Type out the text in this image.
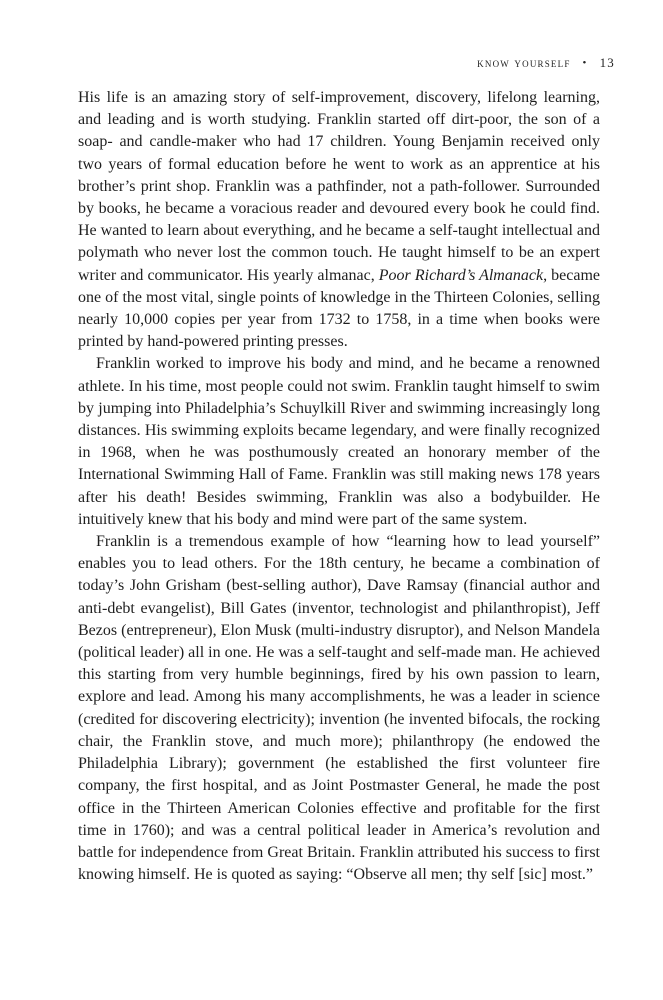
know yourself • 13

His life is an amazing story of self-improvement, discovery, lifelong learning, and leading and is worth studying. Franklin started off dirt-poor, the son of a soap- and candle-maker who had 17 children. Young Benjamin received only two years of formal education before he went to work as an apprentice at his brother’s print shop. Franklin was a pathfinder, not a path-follower. Surrounded by books, he became a voracious reader and devoured every book he could find. He wanted to learn about everything, and he became a self-taught intellectual and polymath who never lost the common touch. He taught himself to be an expert writer and communicator. His yearly almanac, Poor Richard’s Almanack, became one of the most vital, single points of knowledge in the Thirteen Colonies, selling nearly 10,000 copies per year from 1732 to 1758, in a time when books were printed by hand-powered printing presses.

Franklin worked to improve his body and mind, and he became a renowned athlete. In his time, most people could not swim. Franklin taught himself to swim by jumping into Philadelphia’s Schuylkill River and swimming increasingly long distances. His swimming exploits became legendary, and were finally recognized in 1968, when he was posthumously created an honorary member of the International Swimming Hall of Fame. Franklin was still making news 178 years after his death! Besides swimming, Franklin was also a bodybuilder. He intuitively knew that his body and mind were part of the same system.

Franklin is a tremendous example of how “learning how to lead yourself” enables you to lead others. For the 18th century, he became a combination of today’s John Grisham (best-selling author), Dave Ramsay (financial author and anti-debt evangelist), Bill Gates (inventor, technologist and philanthropist), Jeff Bezos (entrepreneur), Elon Musk (multi-industry disruptor), and Nelson Mandela (political leader) all in one. He was a self-taught and self-made man. He achieved this starting from very humble beginnings, fired by his own passion to learn, explore and lead. Among his many accomplishments, he was a leader in science (credited for discovering electricity); invention (he invented bifocals, the rocking chair, the Franklin stove, and much more); philanthropy (he endowed the Philadelphia Library); government (he established the first volunteer fire company, the first hospital, and as Joint Postmaster General, he made the post office in the Thirteen American Colonies effective and profitable for the first time in 1760); and was a central political leader in America’s revolution and battle for independence from Great Britain. Franklin attributed his success to first knowing himself. He is quoted as saying: “Observe all men; thy self [sic] most.”
